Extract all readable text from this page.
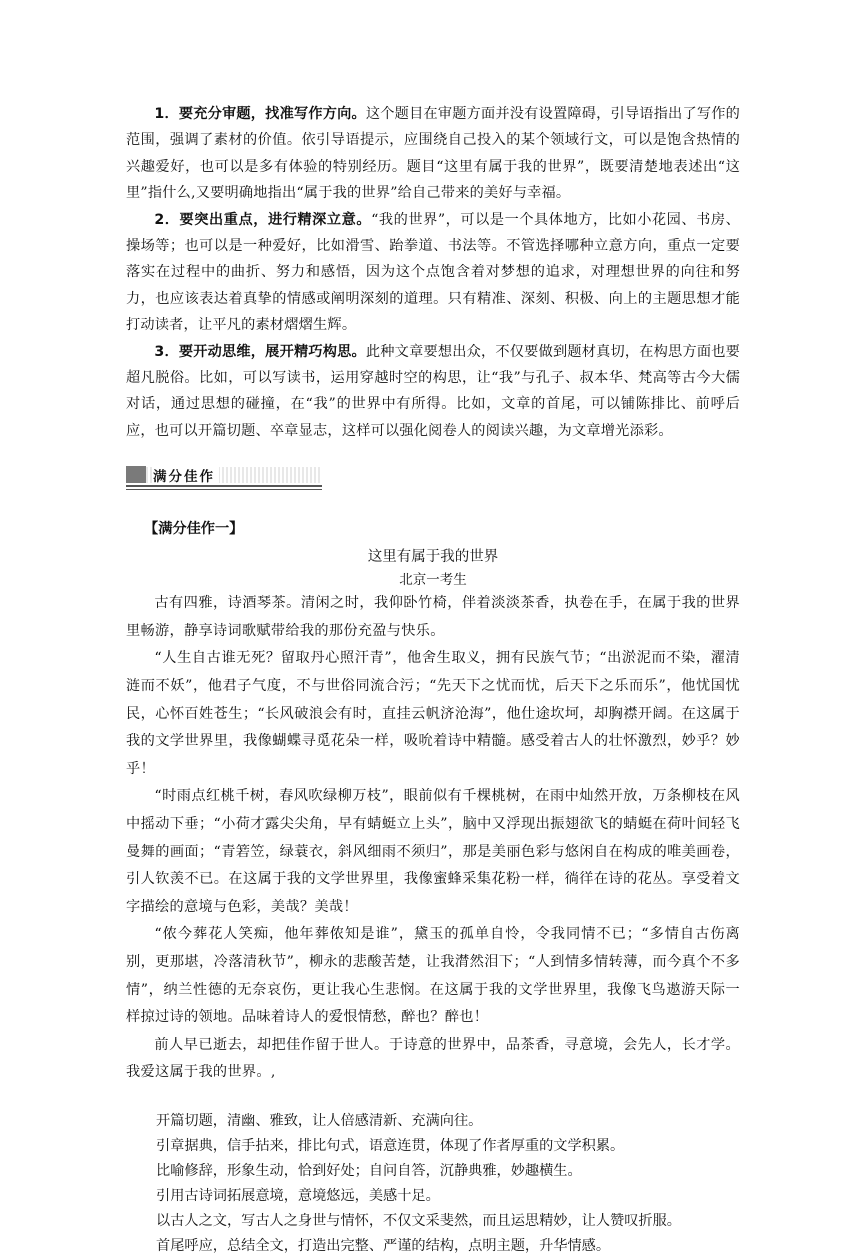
1．要充分审题，找准写作方向。这个题目在审题方面并没有设置障碍，引导语指出了写作的范围，强调了素材的价值。依引导语提示，应围绕自己投入的某个领域行文，可以是饱含热情的兴趣爱好，也可以是多有体验的特别经历。题目“这里有属于我的世界”，既要清楚地表述出“这里”指什么,又要明确地指出“属于我的世界”给自己带来的美好与幸福。

2．要突出重点，进行精深立意。“我的世界”，可以是一个具体地方，比如小花园、书房、操场等；也可以是一种爱好，比如滑雪、跆拳道、书法等。不管选择哪种立意方向，重点一定要落实在过程中的曲折、努力和感悟，因为这个点饱含着对梦想的追求，对理想世界的向往和努力，也应该表达着真挚的情感或阐明深刻的道理。只有精准、深刻、积极、向上的主题思想才能打动读者，让平凡的素材熠熠生辉。

3．要开动思维，展开精巧构思。此种文章要想出众，不仅要做到题材真切，在构思方面也要超凡脱俗。比如，可以写读书，运用穿越时空的构思，让“我”与孔子、叔本华、梵高等古今大儒对话，通过思想的碰撞，在“我”的世界中有所得。比如，文章的首尾，可以铺陈排比、前呼后应，也可以开篇切题、卒章显志，这样可以强化阅卷人的阅读兴趣，为文章增光添彩。

满分佳作
【满分佳作一】
这里有属于我的世界
北京一考生

古有四雅，诗酒琴茶。清闲之时，我仰卧竹椅，伴着淡淡茶香，执卷在手，在属于我的世界里畅游，静享诗词歌赋带给我的那份充盈与快乐。

“人生自古谁无死？留取丹心照汗青”，他舍生取义，拥有民族气节；“出淤泥而不染，濯清涟而不妖”，他君子气度，不与世俗同流合污；“先天下之忧而忧，后天下之乐而乐”，他忧国忧民，心怀百姓苍生；“长风破浪会有时，直挂云帆济沧海”，他仕途坎坷，却胸襟开阔。在这属于我的文学世界里，我像蝴蝶寻觅花朵一样，吸吮着诗中精髓。感受着古人的壮怀激烈，妙乎？妙乎！

“时雨点红桃千树，春风吹绿柳万枝”，眼前似有千棵桃树，在雨中灿然开放，万条柳枝在风中摇动下垂；“小荷才露尖尖角，早有蜻蜓立上头”，脑中又浮现出振翅欲飞的蜻蜓在荷叶间轻飞曼舞的画面；“青箬笠，绿蓑衣，斜风细雨不须归”，那是美丽色彩与悠闲自在构成的唯美画卷，引人钦羡不已。在这属于我的文学世界里，我像蜜蜂采集花粉一样，徜徉在诗的花丛。享受着文字描绘的意境与色彩，美哉？美哉！

“侬今葬花人笑痴，他年葬侬知是谁”，黛玉的孤单自怜，令我同情不已；“多情自古伤离别，更那堪，冷落清秋节”，柳永的悲酸苦楚，让我潸然泪下；“人到情多情转薄，而今真个不多情”，纳兰性德的无奈哀伤，更让我心生悲悯。在这属于我的文学世界里，我像飞鸟遨游天际一样掠过诗的领地。品味着诗人的爱恨情愁，醉也？醉也！

前人早已逝去，却把佳作留于世人。于诗意的世界中，品茶香，寻意境，会先人，长才学。我爱这属于我的世界。,

开篇切题，清幽、雅致，让人倍感清新、充满向往。

引章据典，信手拈来，排比句式，语意连贯，体现了作者厚重的文学积累。

比喻修辞，形象生动，恰到好处；自问自答，沉静典雅，妙趣横生。

引用古诗词拓展意境，意境悠远，美感十足。

以古人之文，写古人之身世与情怀，不仅文采斐然，而且运思精妙，让人赞叹折服。

首尾呼应，总结全文，打造出完整、严谨的结构，点明主题，升华情感。
